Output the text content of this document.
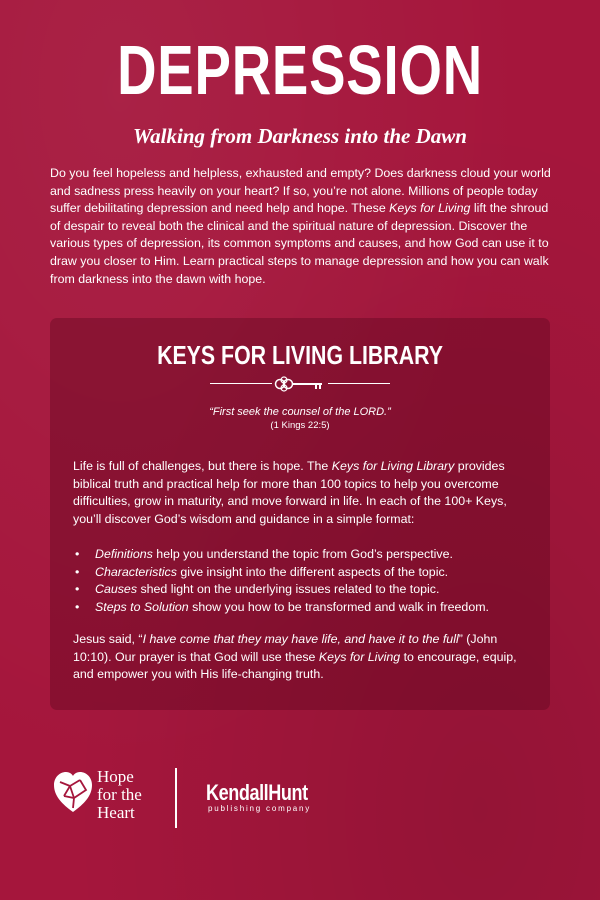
DEPRESSION
Walking from Darkness into the Dawn

Do you feel hopeless and helpless, exhausted and empty? Does darkness cloud your world and sadness press heavily on your heart? If so, you’re not alone. Millions of people today suffer debilitating depression and need help and hope. These Keys for Living lift the shroud of despair to reveal both the clinical and the spiritual nature of depression. Discover the various types of depression, its common symptoms and causes, and how God can use it to draw you closer to Him. Learn practical steps to manage depression and how you can walk from darkness into the dawn with hope.

KEYS FOR LIVING LIBRARY
“First seek the counsel of the LORD.”
(1 Kings 22:5)

Life is full of challenges, but there is hope. The Keys for Living Library provides biblical truth and practical help for more than 100 topics to help you overcome difficulties, grow in maturity, and move forward in life. In each of the 100+ Keys, you’ll discover God’s wisdom and guidance in a simple format:

• Definitions help you understand the topic from God’s perspective.
• Characteristics give insight into the different aspects of the topic.
• Causes shed light on the underlying issues related to the topic.
• Steps to Solution show you how to be transformed and walk in freedom.

Jesus said, “I have come that they may have life, and have it to the full” (John 10:10). Our prayer is that God will use these Keys for Living to encourage, equip, and empower you with His life-changing truth.

Hope
for the
Heart
KendallHunt
publishing company
